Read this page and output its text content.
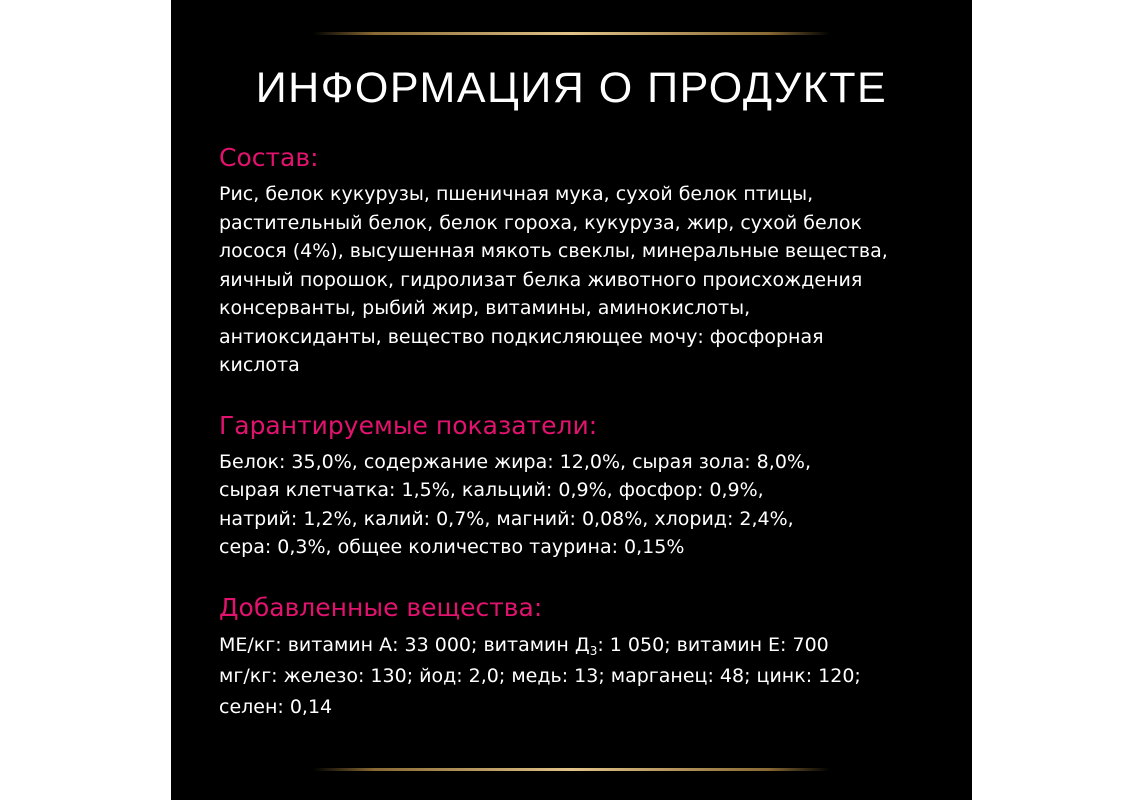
ИНФОРМАЦИЯ О ПРОДУКТЕ
Состав:
Рис, белок кукурузы, пшеничная мука, сухой белок птицы,
растительный белок, белок гороха, кукуруза, жир, сухой белок
лосося (4%), высушенная мякоть свеклы, минеральные вещества,
яичный порошок, гидролизат белка животного происхождения
консерванты, рыбий жир, витамины, аминокислоты,
антиоксиданты, вещество подкисляющее мочу: фосфорная
кислота
Гарантируемые показатели:
Белок: 35,0%, содержание жира: 12,0%, сырая зола: 8,0%,
сырая клетчатка: 1,5%, кальций: 0,9%, фосфор: 0,9%,
натрий: 1,2%, калий: 0,7%, магний: 0,08%, хлорид: 2,4%,
сера: 0,3%, общее количество таурина: 0,15%
Добавленные вещества:
МЕ/кг: витамин А: 33 000; витамин $Д_3$: 1 050; витамин Е: 700
мг/кг: железо: 130; йод: 2,0; медь: 13; марганец: 48; цинк: 120;
селен: 0,14
